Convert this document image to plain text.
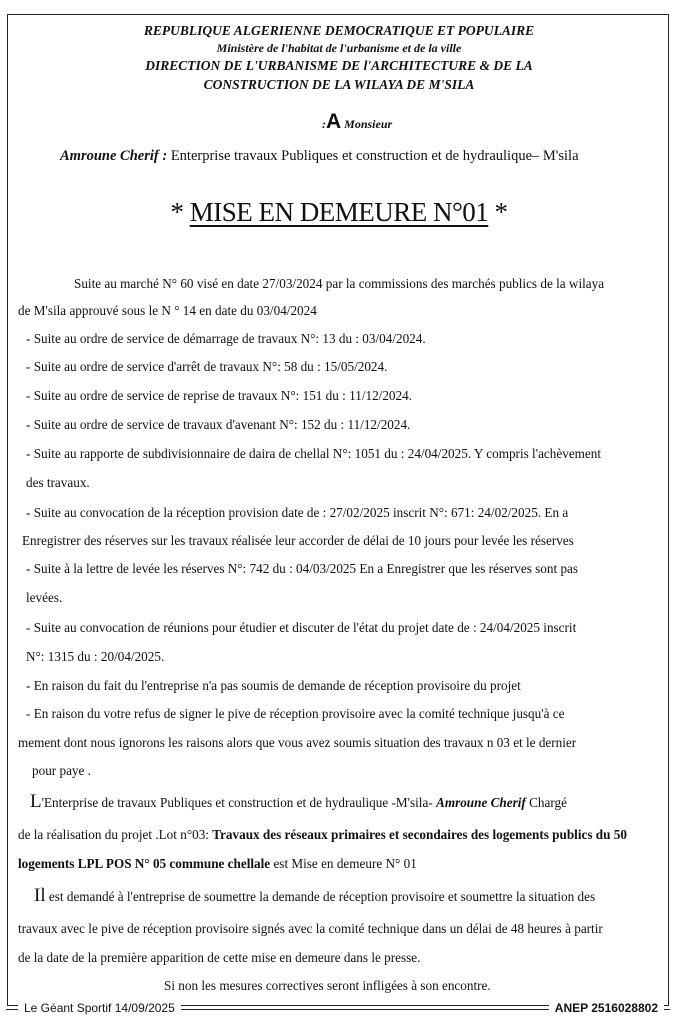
REPUBLIQUE ALGERIENNE DEMOCRATIQUE ET POPULAIRE
Ministère de l'habitat de l'urbanisme et de la ville
DIRECTION DE L'URBANISME DE l'ARCHITECTURE & DE LA
CONSTRUCTION DE LA WILAYA DE M'SILA
:A Monsieur
Amroune Cherif : Enterprise travaux Publiques et construction et de hydraulique– M'sila
* MISE EN DEMEURE N°01 *
Suite au marché N° 60 visé en date 27/03/2024 par la commissions des marchés publics de la wilaya
de M'sila approuvé sous le N ° 14 en date du 03/04/2024
- Suite au ordre de service de démarrage de travaux N°: 13 du : 03/04/2024.
- Suite au ordre de service d'arrêt de travaux N°: 58 du : 15/05/2024.
- Suite au ordre de service de reprise de travaux N°: 151 du : 11/12/2024.
- Suite au ordre de service de travaux d'avenant N°: 152 du : 11/12/2024.
- Suite au rapporte de subdivisionnaire de daira de chellal N°: 1051 du : 24/04/2025. Y compris l'achèvement
des travaux.
- Suite au convocation de la réception provision date de : 27/02/2025 inscrit N°: 671: 24/02/2025. En a
Enregistrer des réserves sur les travaux réalisée leur accorder de délai de 10 jours pour levée les réserves
- Suite à la lettre de levée les réserves N°: 742 du : 04/03/2025 En a Enregistrer que les réserves sont pas
levées.
- Suite au convocation de réunions pour étudier et discuter de l'état du projet date de : 24/04/2025 inscrit
N°: 1315 du : 20/04/2025.
- En raison du fait du l'entreprise n'a pas soumis de demande de réception provisoire du projet
- En raison du votre refus de signer le pive de réception provisoire avec la comité technique jusqu'à ce
mement dont nous ignorons les raisons alors que vous avez soumis situation des travaux n 03 et le dernier
pour paye .
L'Enterprise de travaux Publiques et construction et de hydraulique -M'sila- Amroune Cherif Chargé
de la réalisation du projet .Lot n°03: Travaux des réseaux primaires et secondaires des logements publics du 50
logements LPL POS N° 05 commune chellale est Mise en demeure N° 01
Il est demandé à l'entreprise de soumettre la demande de réception provisoire et soumettre la situation des
travaux avec le pive de réception provisoire signés avec la comité technique dans un délai de 48 heures à partir
de la date de la première apparition de cette mise en demeure dans le presse.
Si non les mesures correctives seront infligées à son encontre.
Le Géant Sportif 14/09/2025	ANEP 2516028802
